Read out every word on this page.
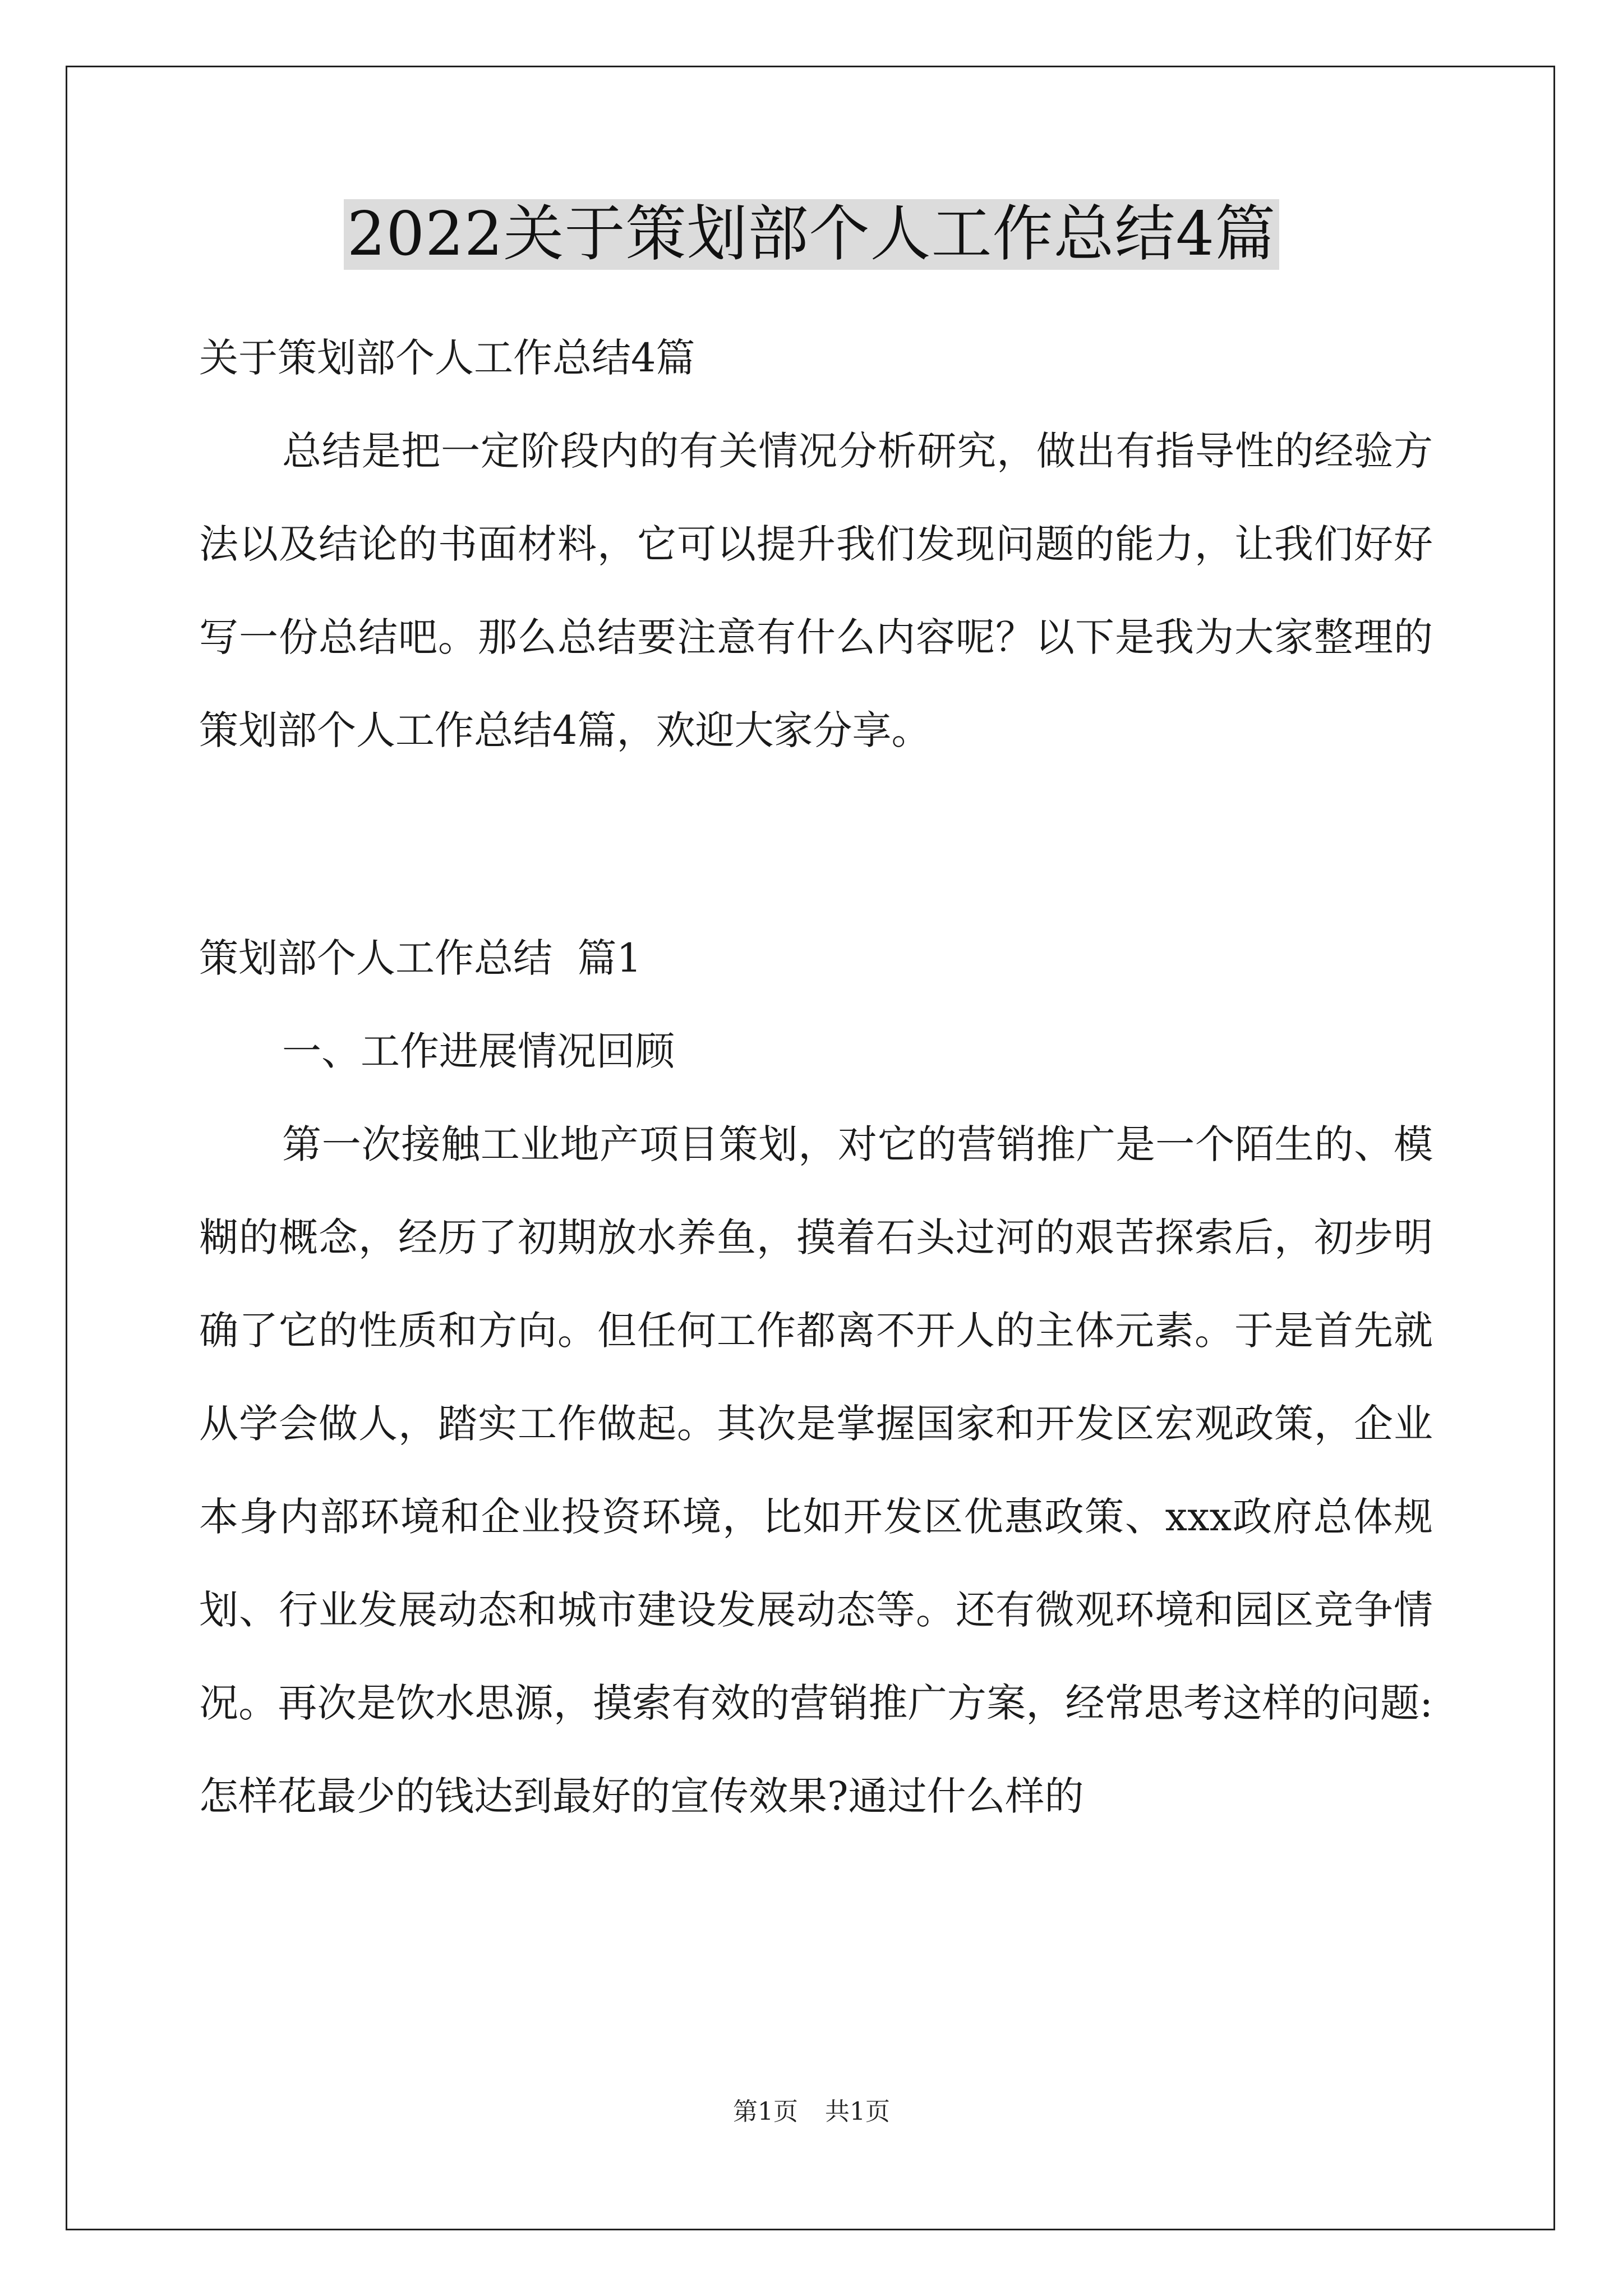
2022关于策划部个人工作总结4篇

关于策划部个人工作总结4篇

总结是把一定阶段内的有关情况分析研究，做出有指导性的经验方法以及结论的书面材料，它可以提升我们发现问题的能力，让我们好好写一份总结吧。那么总结要注意有什么内容呢？以下是我为大家整理的策划部个人工作总结4篇，欢迎大家分享。

策划部个人工作总结  篇1

一、工作进展情况回顾

第一次接触工业地产项目策划，对它的营销推广是一个陌生的、模糊的概念，经历了初期放水养鱼，摸着石头过河的艰苦探索后，初步明确了它的性质和方向。但任何工作都离不开人的主体元素。于是首先就从学会做人，踏实工作做起。其次是掌握国家和开发区宏观政策，企业本身内部环境和企业投资环境，比如开发区优惠政策、xxx政府总体规划、行业发展动态和城市建设发展动态等。还有微观环境和园区竞争情况。再次是饮水思源，摸索有效的营销推广方案，经常思考这样的问题: 怎样花最少的钱达到最好的宣传效果?通过什么样的

第1页 共1页
